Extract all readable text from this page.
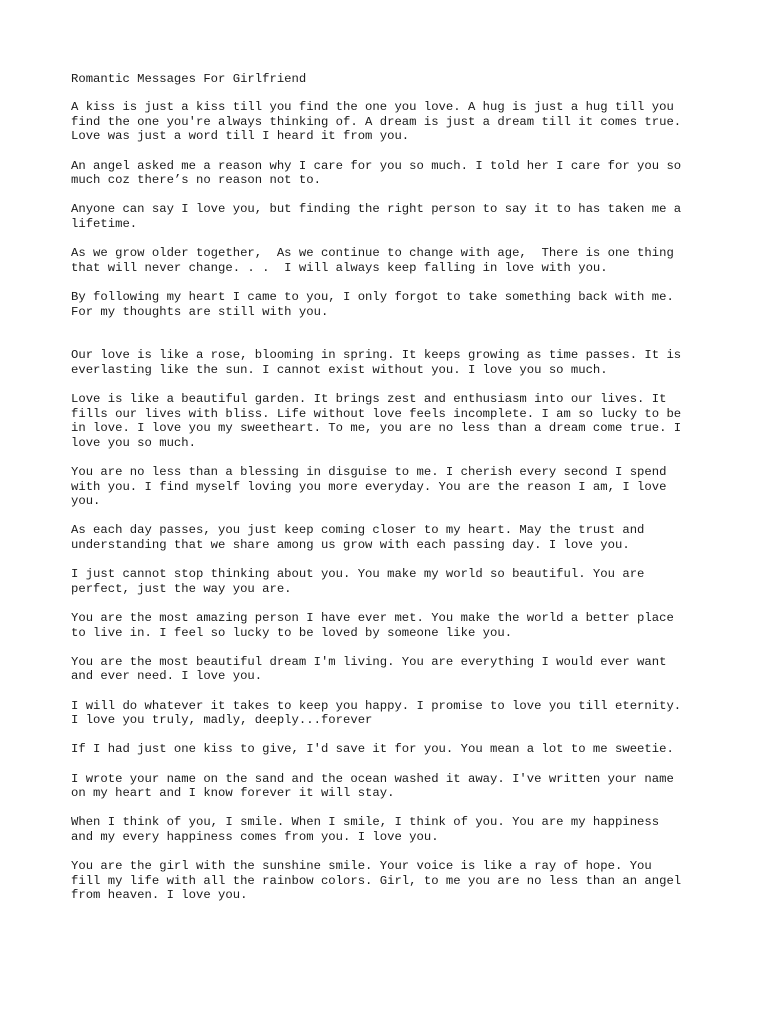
Romantic Messages For Girlfriend

A kiss is just a kiss till you find the one you love. A hug is just a hug till you
find the one you're always thinking of. A dream is just a dream till it comes true.
Love was just a word till I heard it from you.

An angel asked me a reason why I care for you so much. I told her I care for you so
much coz there’s no reason not to.

Anyone can say I love you, but finding the right person to say it to has taken me a
lifetime.

As we grow older together,  As we continue to change with age,  There is one thing
that will never change. . .  I will always keep falling in love with you.

By following my heart I came to you, I only forgot to take something back with me.
For my thoughts are still with you.

Our love is like a rose, blooming in spring. It keeps growing as time passes. It is
everlasting like the sun. I cannot exist without you. I love you so much.

Love is like a beautiful garden. It brings zest and enthusiasm into our lives. It
fills our lives with bliss. Life without love feels incomplete. I am so lucky to be
in love. I love you my sweetheart. To me, you are no less than a dream come true. I
love you so much.

You are no less than a blessing in disguise to me. I cherish every second I spend
with you. I find myself loving you more everyday. You are the reason I am, I love
you.

As each day passes, you just keep coming closer to my heart. May the trust and
understanding that we share among us grow with each passing day. I love you.

I just cannot stop thinking about you. You make my world so beautiful. You are
perfect, just the way you are.

You are the most amazing person I have ever met. You make the world a better place
to live in. I feel so lucky to be loved by someone like you.

You are the most beautiful dream I'm living. You are everything I would ever want
and ever need. I love you.

I will do whatever it takes to keep you happy. I promise to love you till eternity.
I love you truly, madly, deeply...forever

If I had just one kiss to give, I'd save it for you. You mean a lot to me sweetie.

I wrote your name on the sand and the ocean washed it away. I've written your name
on my heart and I know forever it will stay.

When I think of you, I smile. When I smile, I think of you. You are my happiness
and my every happiness comes from you. I love you.

You are the girl with the sunshine smile. Your voice is like a ray of hope. You
fill my life with all the rainbow colors. Girl, to me you are no less than an angel
from heaven. I love you.
